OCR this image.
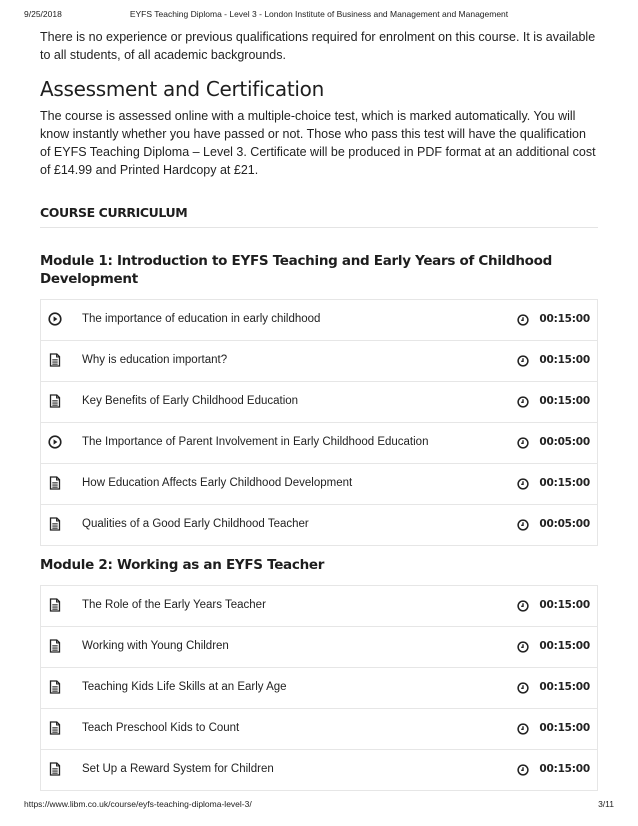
9/25/2018	EYFS Teaching Diploma - Level 3 - London Institute of Business and Management and Management

There is no experience or previous qualifications required for enrolment on this course. It is available to all students, of all academic backgrounds.

Assessment and Certification

The course is assessed online with a multiple-choice test, which is marked automatically. You will know instantly whether you have passed or not. Those who pass this test will have the qualification of EYFS Teaching Diploma – Level 3. Certificate will be produced in PDF format at an additional cost of £14.99 and Printed Hardcopy at £21.

COURSE CURRICULUM
Module 1: Introduction to EYFS Teaching and Early Years of Childhood Development
The importance of education in early childhood	00:15:00
Why is education important?	00:15:00
Key Benefits of Early Childhood Education	00:15:00
The Importance of Parent Involvement in Early Childhood Education	00:05:00
How Education Affects Early Childhood Development	00:15:00
Qualities of a Good Early Childhood Teacher	00:05:00
Module 2: Working as an EYFS Teacher
The Role of the Early Years Teacher	00:15:00
Working with Young Children	00:15:00
Teaching Kids Life Skills at an Early Age	00:15:00
Teach Preschool Kids to Count	00:15:00
Set Up a Reward System for Children	00:15:00
https://www.libm.co.uk/course/eyfs-teaching-diploma-level-3/	3/11
